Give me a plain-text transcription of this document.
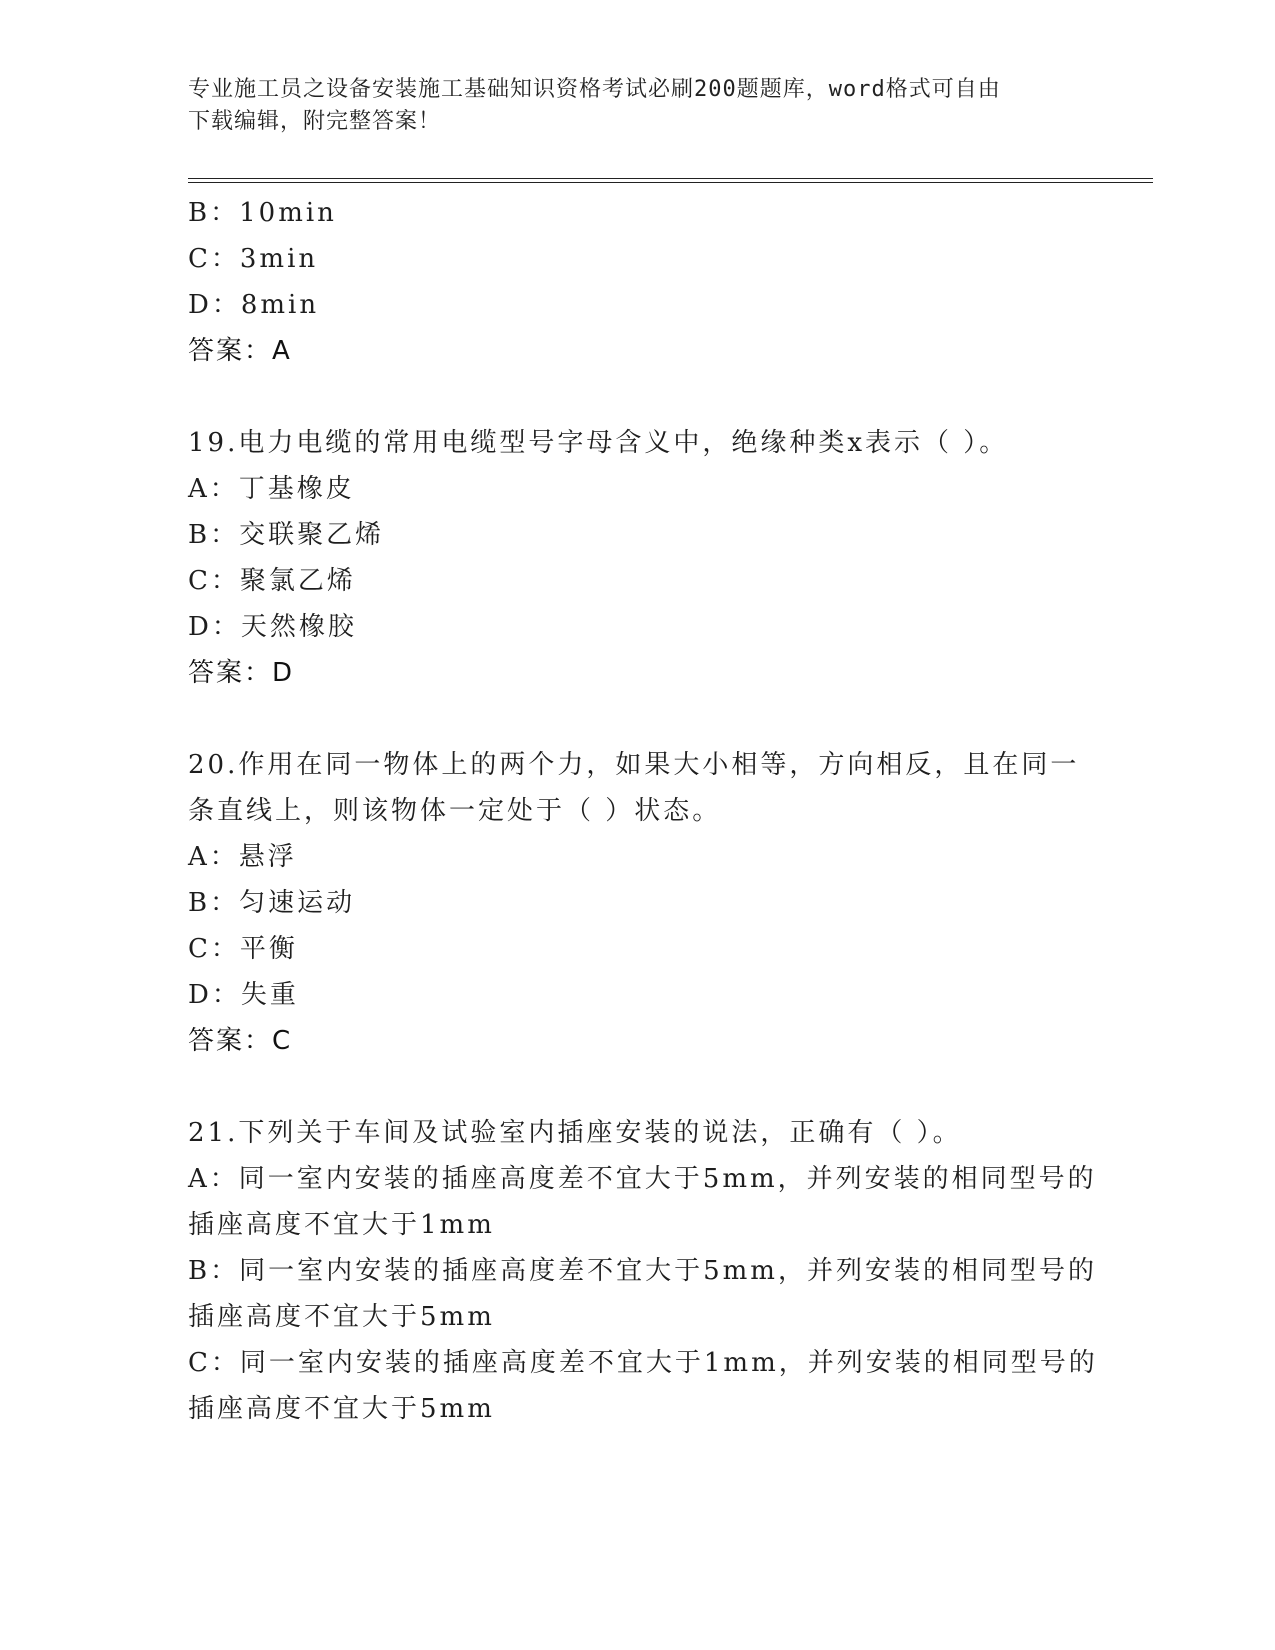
专业施工员之设备安装施工基础知识资格考试必刷200题题库，word格式可自由
下载编辑，附完整答案！
B：10min
C：3min
D：8min
答案：A
19.电力电缆的常用电缆型号字母含义中，绝缘种类x表示（ ）。
A：丁基橡皮
B：交联聚乙烯
C：聚氯乙烯
D：天然橡胶
答案：D
20.作用在同一物体上的两个力，如果大小相等，方向相反，且在同一
条直线上，则该物体一定处于（ ）状态。
A：悬浮
B：匀速运动
C：平衡
D：失重
答案：C
21.下列关于车间及试验室内插座安装的说法，正确有（ ）。
A：同一室内安装的插座高度差不宜大于5mm，并列安装的相同型号的
插座高度不宜大于1mm
B：同一室内安装的插座高度差不宜大于5mm，并列安装的相同型号的
插座高度不宜大于5mm
C：同一室内安装的插座高度差不宜大于1mm，并列安装的相同型号的
插座高度不宜大于5mm
